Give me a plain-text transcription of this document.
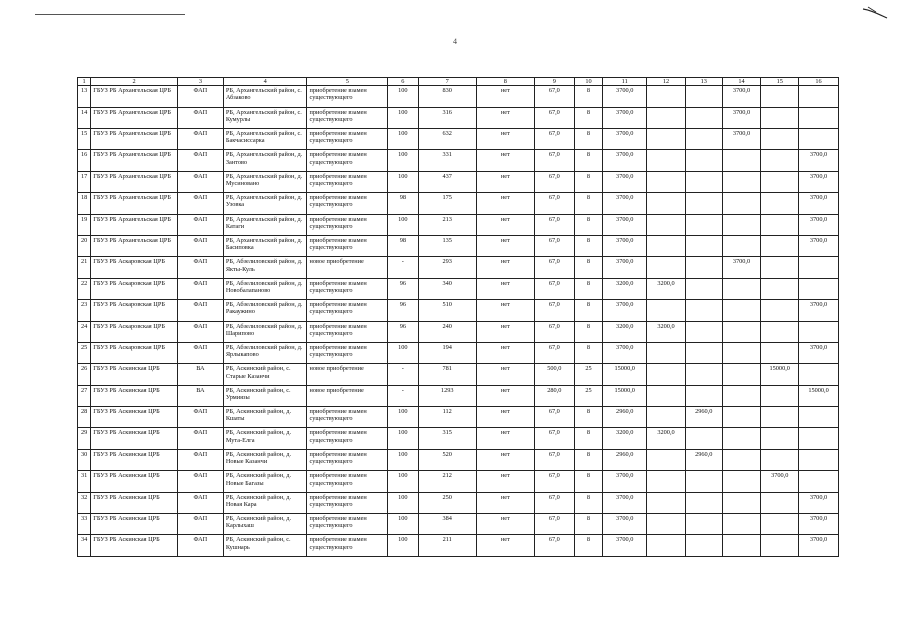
4
1	2	3	4	5	6	7	8	9	10	11	12	13	14	15	16
13	ГБУЗ РБ Архангельская ЦРБ	ФАП	РБ, Архангельский район, с. Абзаково	приобретение взамен существующего	100	830	нет	67,0	8	3700,0			3700,0		
14	ГБУЗ РБ Архангельская ЦРБ	ФАП	РБ, Архангельский район, с. Кумурлы	приобретение взамен существующего	100	316	нет	67,0	8	3700,0			3700,0		
15	ГБУЗ РБ Архангельская ЦРБ	ФАП	РБ, Архангельский район, с. Бакчасиссарка	приобретение взамен существующего	100	632	нет	67,0	8	3700,0			3700,0		
16	ГБУЗ РБ Архангельская ЦРБ	ФАП	РБ, Архангельский район, д. Зантово	приобретение взамен существующего	100	331	нет	67,0	8	3700,0					3700,0
17	ГБУЗ РБ Архангельская ЦРБ	ФАП	РБ, Архангельский район, д. Мусиновано	приобретение взамен существующего	100	437	нет	67,0	8	3700,0					3700,0
18	ГБУЗ РБ Архангельская ЦРБ	ФАП	РБ, Архангельский район, д. Узовка	приобретение взамен существующего	98	175	нет	67,0	8	3700,0					3700,0
19	ГБУЗ РБ Архангельская ЦРБ	ФАП	РБ, Архангельский район, д. Катаги	приобретение взамен существующего	100	213	нет	67,0	8	3700,0					3700,0
20	ГБУЗ РБ Архангельская ЦРБ	ФАП	РБ, Архангельский район, д. Басиповка	приобретение взамен существующего	98	135	нет	67,0	8	3700,0					3700,0
21	ГБУЗ РБ Аскаровская ЦРБ	ФАП	РБ, Абзелиловский район, д. Якты-Куль	новое приобретение	-	293	нет	67,0	8	3700,0			3700,0		
22	ГБУЗ РБ Аскаровская ЦРБ	ФАП	РБ, Абзелиловский район, д. Новобалапаново	приобретение взамен существующего	96	340	нет	67,0	8	3200,0	3200,0				
23	ГБУЗ РБ Аскаровская ЦРБ	ФАП	РБ, Абзелиловский район, д. Ракаужино	приобретение взамен существующего	96	510	нет	67,0	8	3700,0					3700,0
24	ГБУЗ РБ Аскаровская ЦРБ	ФАП	РБ, Абзелиловский район, д. Шарипово	приобретение взамен существующего	96	240	нет	67,0	8	3200,0	3200,0				
25	ГБУЗ РБ Аскаровская ЦРБ	ФАП	РБ, Абзелиловский район, д. Ярлыкапово	приобретение взамен существующего	100	194	нет	67,0	8	3700,0					3700,0
26	ГБУЗ РБ Аскинская ЦРБ	ВА	РБ, Аскинский район, с. Старые Казанчи	новое приобретение	-	781	нет	500,0	25	15000,0				15000,0	
27	ГБУЗ РБ Аскинская ЦРБ	ВА	РБ, Аскинский район, с. Урмиязы	новое приобретение	-	1293	нет	280,0	25	15000,0					15000,0
28	ГБУЗ РБ Аскинская ЦРБ	ФАП	РБ, Аскинский район, д. Кшаты	приобретение взамен существующего	100	112	нет	67,0	8	2960,0		2960,0			
29	ГБУЗ РБ Аскинская ЦРБ	ФАП	РБ, Аскинский район, д. Мута-Елга	приобретение взамен существующего	100	315	нет	67,0	8	3200,0	3200,0				
30	ГБУЗ РБ Аскинская ЦРБ	ФАП	РБ, Аскинский район, д. Новые Казанчи	приобретение взамен существующего	100	520	нет	67,0	8	2960,0		2960,0			
31	ГБУЗ РБ Аскинская ЦРБ	ФАП	РБ, Аскинский район, д. Новые Багазы	приобретение взамен существующего	100	212	нет	67,0	8	3700,0				3700,0	
32	ГБУЗ РБ Аскинская ЦРБ	ФАП	РБ, Аскинский район, д. Новая Кара	приобретение взамен существующего	100	250	нет	67,0	8	3700,0					3700,0
33	ГБУЗ РБ Аскинская ЦРБ	ФАП	РБ, Аскинский район, д. Карлыхаш	приобретение взамен существующего	100	384	нет	67,0	8	3700,0					3700,0
34	ГБУЗ РБ Аскинская ЦРБ	ФАП	РБ, Аскинский район, с. Кушнарь	приобретение взамен существующего	100	211	нет	67,0	8	3700,0					3700,0
